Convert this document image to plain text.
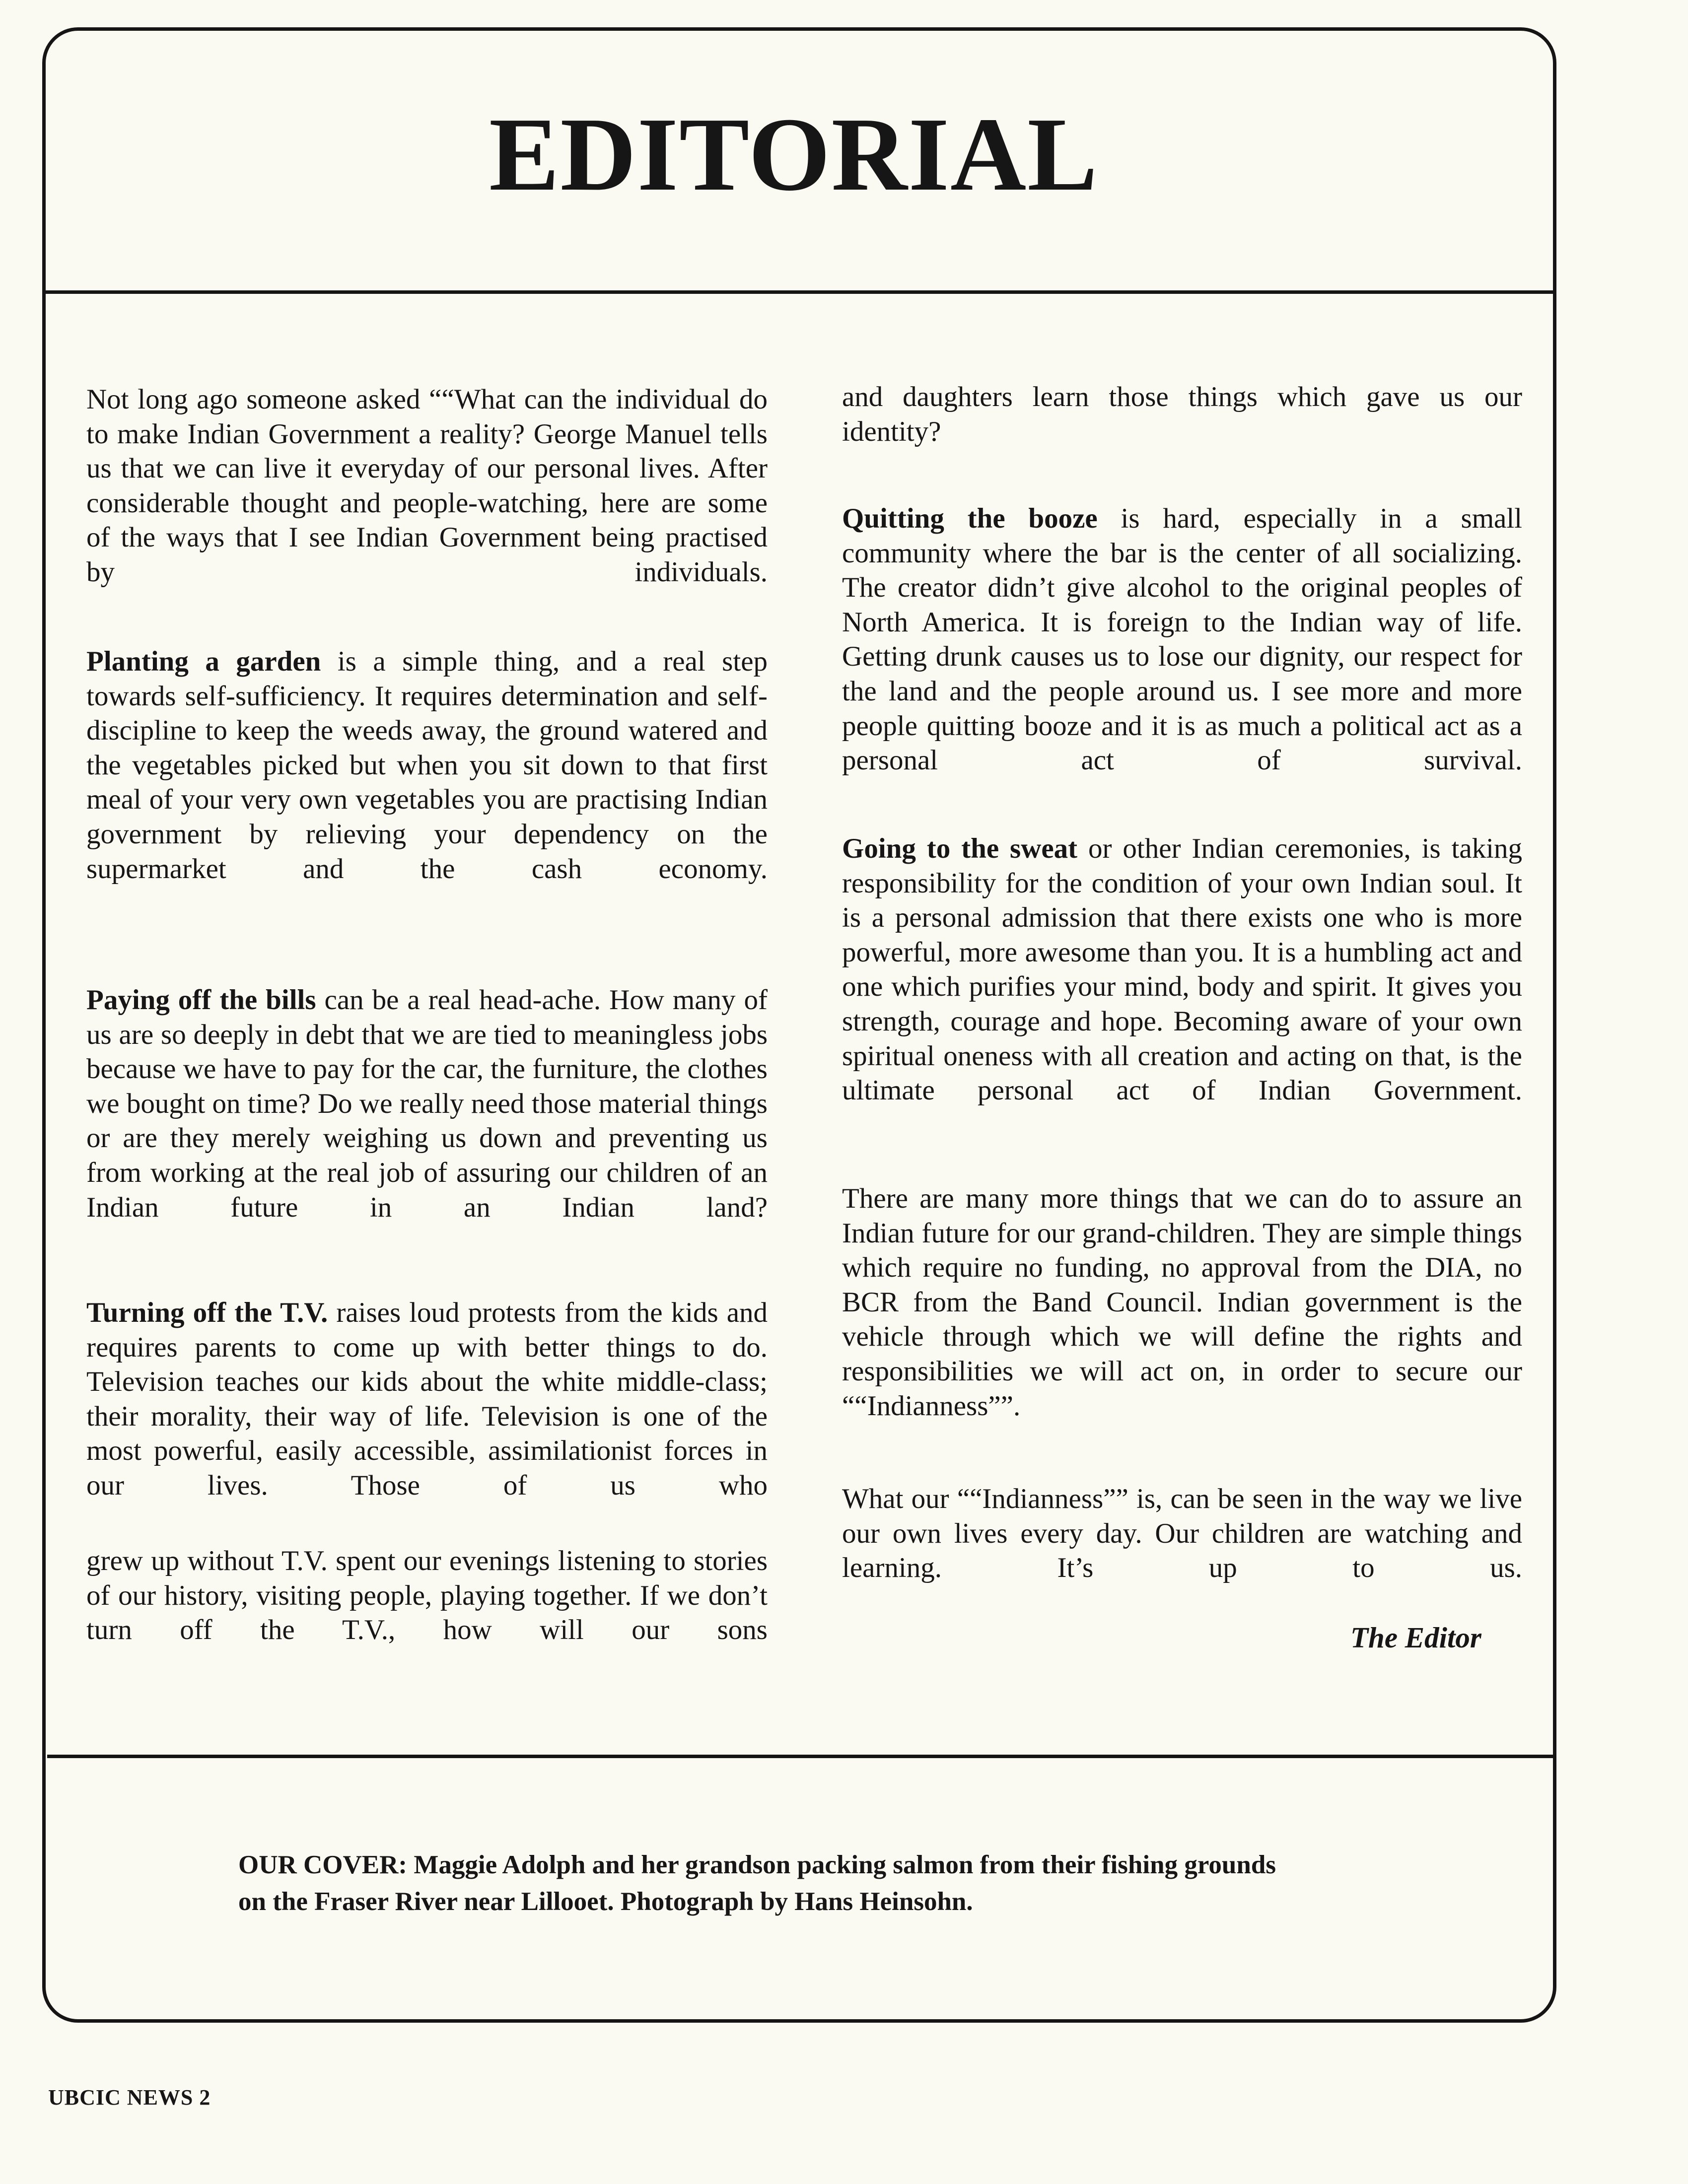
EDITORIAL

Not long ago someone asked ““What can the individual do to make Indian Government a reality? George Manuel tells us that we can live it everyday of our personal lives. After considerable thought and people-watching, here are some of the ways that I see Indian Government being practised by individuals.

Planting a garden is a simple thing, and a real step towards self-sufficiency. It requires determination and self-discipline to keep the weeds away, the ground watered and the vegetables picked but when you sit down to that first meal of your very own vegetables you are practising Indian government by relieving your dependency on the supermarket and the cash economy.

Paying off the bills can be a real head-ache. How many of us are so deeply in debt that we are tied to meaningless jobs because we have to pay for the car, the furniture, the clothes we bought on time? Do we really need those material things or are they merely weighing us down and preventing us from working at the real job of assuring our children of an Indian future in an Indian land?

Turning off the T.V. raises loud protests from the kids and requires parents to come up with better things to do. Television teaches our kids about the white middle-class; their morality, their way of life. Television is one of the most powerful, easily accessible, assimilationist forces in our lives. Those of us who

grew up without T.V. spent our evenings listening to stories of our history, visiting people, playing together. If we don’t turn off the T.V., how will our sons

and daughters learn those things which gave us our identity?

Quitting the booze is hard, especially in a small community where the bar is the center of all socializing. The creator didn’t give alcohol to the original peoples of North America. It is foreign to the Indian way of life. Getting drunk causes us to lose our dignity, our respect for the land and the people around us. I see more and more people quitting booze and it is as much a political act as a personal act of survival.

Going to the sweat or other Indian ceremonies, is taking responsibility for the condition of your own Indian soul. It is a personal admission that there exists one who is more powerful, more awesome than you. It is a humbling act and one which purifies your mind, body and spirit. It gives you strength, courage and hope. Becoming aware of your own spiritual oneness with all creation and acting on that, is the ultimate personal act of Indian Government.

There are many more things that we can do to assure an Indian future for our grand-children. They are simple things which require no funding, no approval from the DIA, no BCR from the Band Council. Indian government is the vehicle through which we will define the rights and responsibilities we will act on, in order to secure our ““Indianness””.

What our ““Indianness”” is, can be seen in the way we live our own lives every day. Our children are watching and learning. It’s up to us.

The Editor

OUR COVER: Maggie Adolph and her grandson packing salmon from their fishing grounds
on the Fraser River near Lillooet. Photograph by Hans Heinsohn.

UBCIC NEWS 2
